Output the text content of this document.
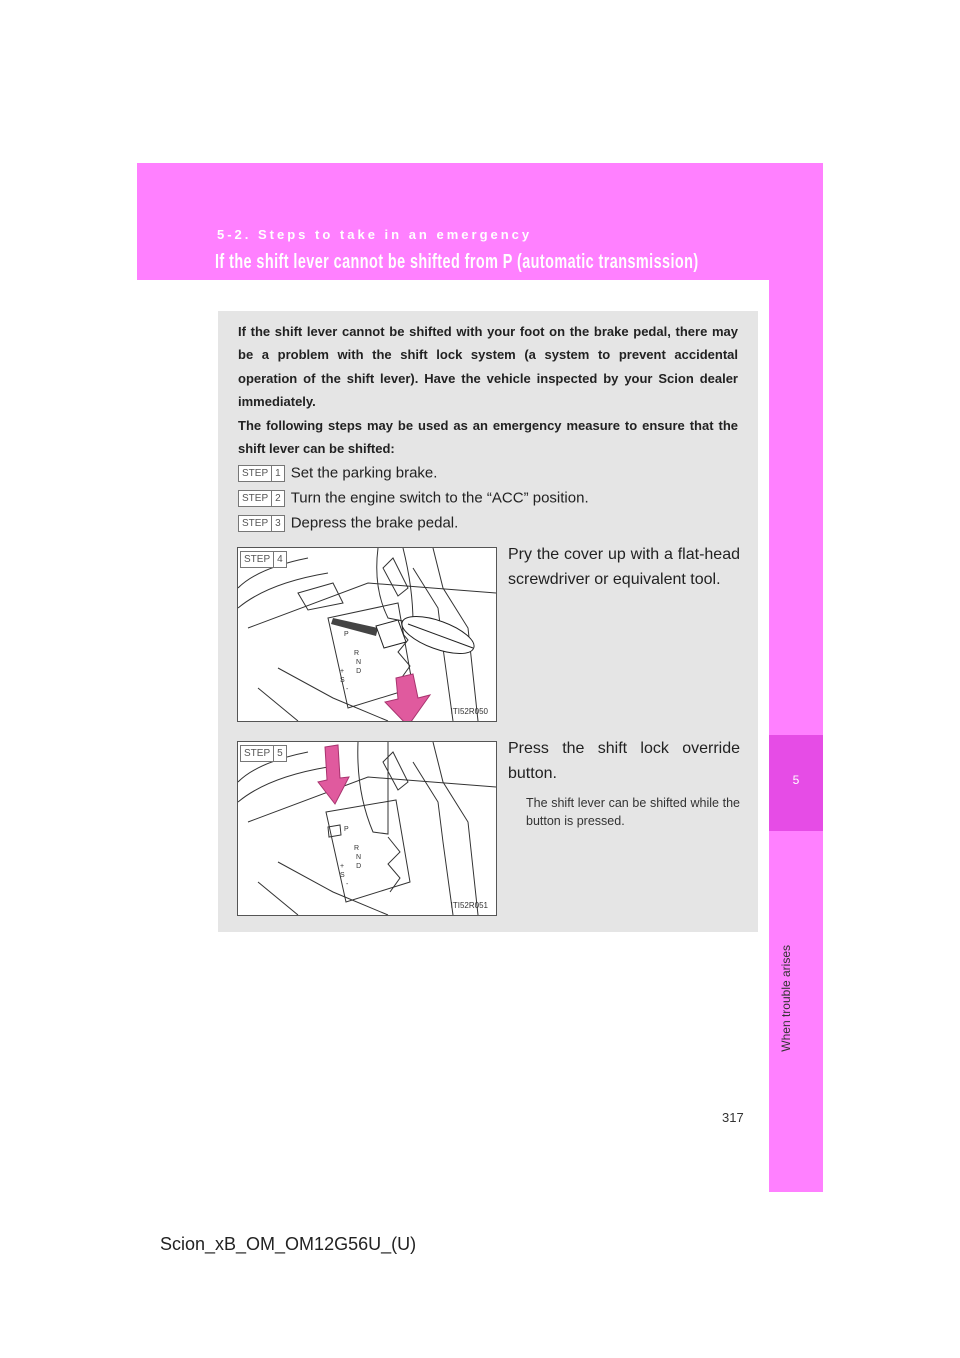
5-2. Steps to take in an emergency
If the shift lever cannot be shifted from P (automatic transmission)
5
When trouble arises

If the shift lever cannot be shifted with your foot on the brake pedal, there may be a problem with the shift lock system (a system to prevent accidental operation of the shift lever). Have the vehicle inspected by your Scion dealer immediately.

The following steps may be used as an emergency measure to ensure that the shift lever can be shifted:

STEP 1 Set the parking brake.
STEP 2 Turn the engine switch to the “ACC” position.
STEP 3 Depress the brake pedal.
P
R
N
+ D
S
-
STEP 4
ITI52R050
Pry the cover up with a flat-head screwdriver or equivalent tool.
P
R
N
+ D
S
-
STEP 5
ITI52R051
Press the shift lock override button.
The shift lever can be shifted while the button is pressed.
317
Scion_xB_OM_OM12G56U_(U)
